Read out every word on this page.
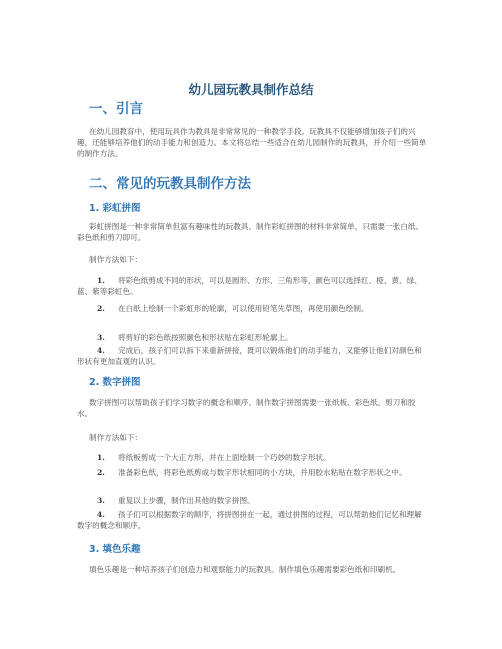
幼儿园玩教具制作总结
一、引言

在幼儿园教育中，使用玩具作为教具是非常常见的一种教学手段。玩教具不仅能够增加孩子们的兴趣，还能够培养他们的动手能力和创造力。本文将总结一些适合在幼儿园制作的玩教具，并介绍一些简单的制作方法。

二、常见的玩教具制作方法
1. 彩虹拼图

彩虹拼图是一种非常简单但富有趣味性的玩教具。制作彩虹拼图的材料非常简单，只需要一张白纸、彩色纸和剪刀即可。

制作方法如下：

1. 将彩色纸剪成不同的形状，可以是圆形、方形、三角形等，颜色可以选择红、橙、黄、绿、蓝、紫等彩虹色。

2. 在白纸上绘制一个彩虹形的轮廓，可以使用铅笔先草图，再使用颜色绘制。

3. 将剪好的彩色纸按照颜色和形状贴在彩虹形轮廓上。

4. 完成后，孩子们可以拆下来重新拼接，既可以锻炼他们的动手能力，又能够让他们对颜色和形状有更加直观的认识。

2. 数字拼图

数字拼图可以帮助孩子们学习数字的概念和顺序。制作数字拼图需要一张纸板、彩色纸、剪刀和胶水。

制作方法如下：

1. 将纸板剪成一个大正方形，并在上面绘制一个巧妙的数字形状。

2. 准备彩色纸，将彩色纸剪成与数字形状相同的小方块，并用胶水粘贴在数字形状之中。

3. 重复以上步骤，制作出其他的数字拼图。

4. 孩子们可以根据数字的顺序，将拼图拼在一起，通过拼图的过程，可以帮助他们记忆和理解数字的概念和顺序。

3. 填色乐趣

填色乐趣是一种培养孩子们创造力和观察能力的玩教具。制作填色乐趣需要彩色纸和印刷机。
